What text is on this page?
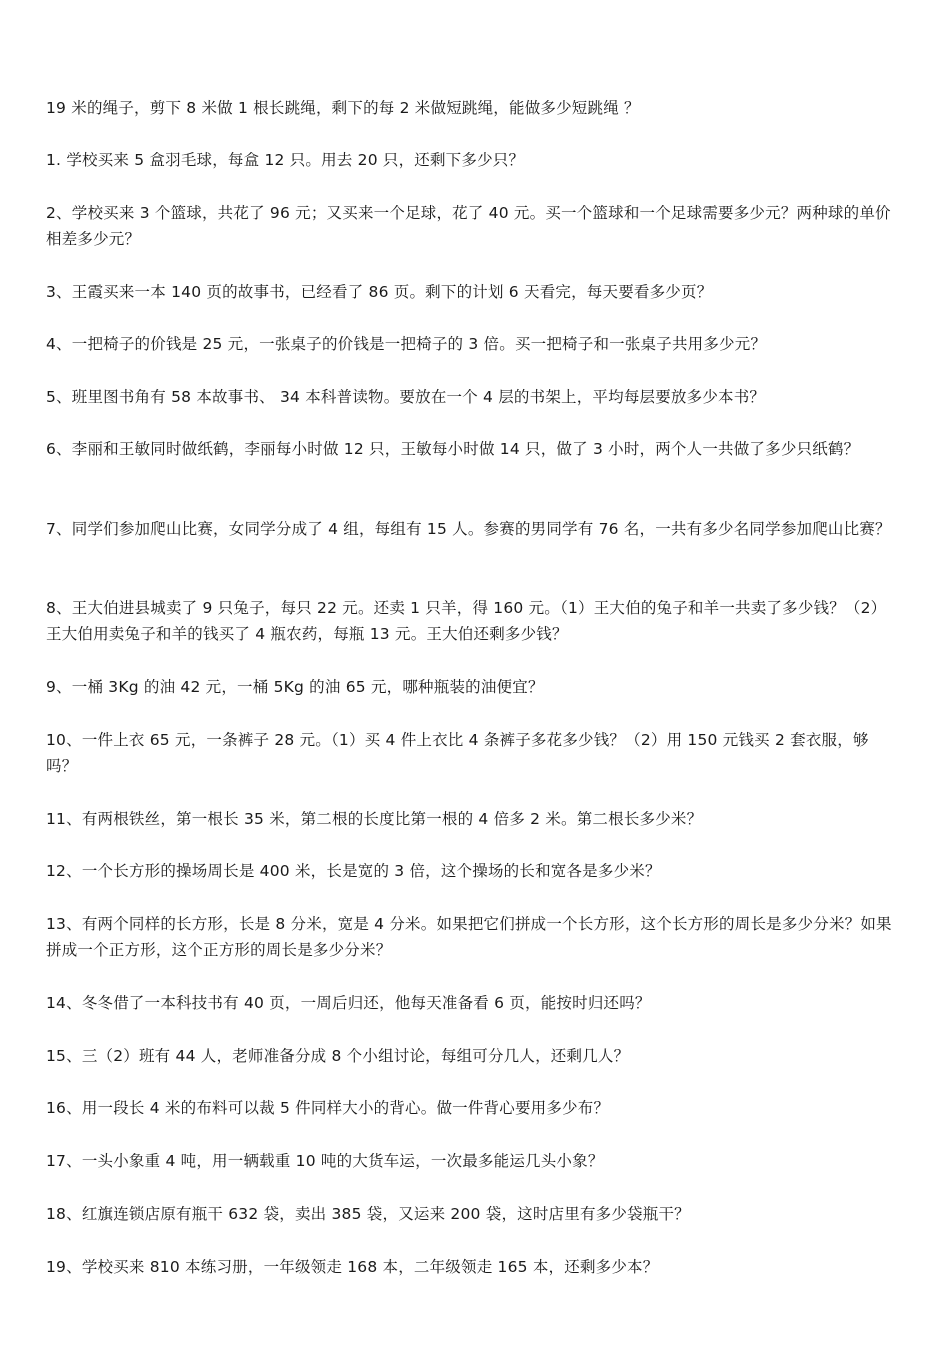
19 米的绳子，剪下 8 米做 1 根长跳绳，剩下的每 2 米做短跳绳，能做多少短跳绳 ？
1. 学校买来 5 盒羽毛球，每盒 12 只。用去 20 只，还剩下多少只？
2、学校买来 3 个篮球，共花了 96 元；又买来一个足球，花了 40 元。买一个篮球和一个足球需要多少元？两种球的单价相差多少元？
3、王霞买来一本 140 页的故事书，已经看了 86 页。剩下的计划 6 天看完，每天要看多少页？
4、一把椅子的价钱是 25 元，一张桌子的价钱是一把椅子的 3 倍。买一把椅子和一张桌子共用多少元？
5、班里图书角有 58 本故事书、 34 本科普读物。要放在一个 4 层的书架上，平均每层要放多少本书？
6、李丽和王敏同时做纸鹤，李丽每小时做 12 只，王敏每小时做 14 只，做了 3 小时，两个人一共做了多少只纸鹤？
7、同学们参加爬山比赛，女同学分成了 4 组，每组有 15 人。参赛的男同学有 76 名，一共有多少名同学参加爬山比赛？
8、王大伯进县城卖了 9 只兔子，每只 22 元。还卖 1 只羊，得 160 元。（1）王大伯的兔子和羊一共卖了多少钱？（2）王大伯用卖兔子和羊的钱买了 4 瓶农药，每瓶 13 元。王大伯还剩多少钱？
9、一桶 3Kg 的油 42 元，一桶 5Kg 的油 65 元，哪种瓶装的油便宜？
10、一件上衣 65 元，一条裤子 28 元。（1）买 4 件上衣比 4 条裤子多花多少钱？（2）用 150 元钱买 2 套衣服，够吗？
11、有两根铁丝，第一根长 35 米，第二根的长度比第一根的 4 倍多 2 米。第二根长多少米？
12、一个长方形的操场周长是 400 米，长是宽的 3 倍，这个操场的长和宽各是多少米？
13、有两个同样的长方形，长是 8 分米，宽是 4 分米。如果把它们拼成一个长方形，这个长方形的周长是多少分米？如果拼成一个正方形，这个正方形的周长是多少分米？
14、冬冬借了一本科技书有 40 页，一周后归还，他每天准备看 6 页，能按时归还吗？
15、三（2）班有 44 人，老师准备分成 8 个小组讨论，每组可分几人，还剩几人？
16、用一段长 4 米的布料可以裁 5 件同样大小的背心。做一件背心要用多少布？
17、一头小象重 4 吨，用一辆载重 10 吨的大货车运，一次最多能运几头小象？
18、红旗连锁店原有瓶干 632 袋，卖出 385 袋，又运来 200 袋，这时店里有多少袋瓶干？
19、学校买来 810 本练习册，一年级领走 168 本，二年级领走 165 本，还剩多少本？
